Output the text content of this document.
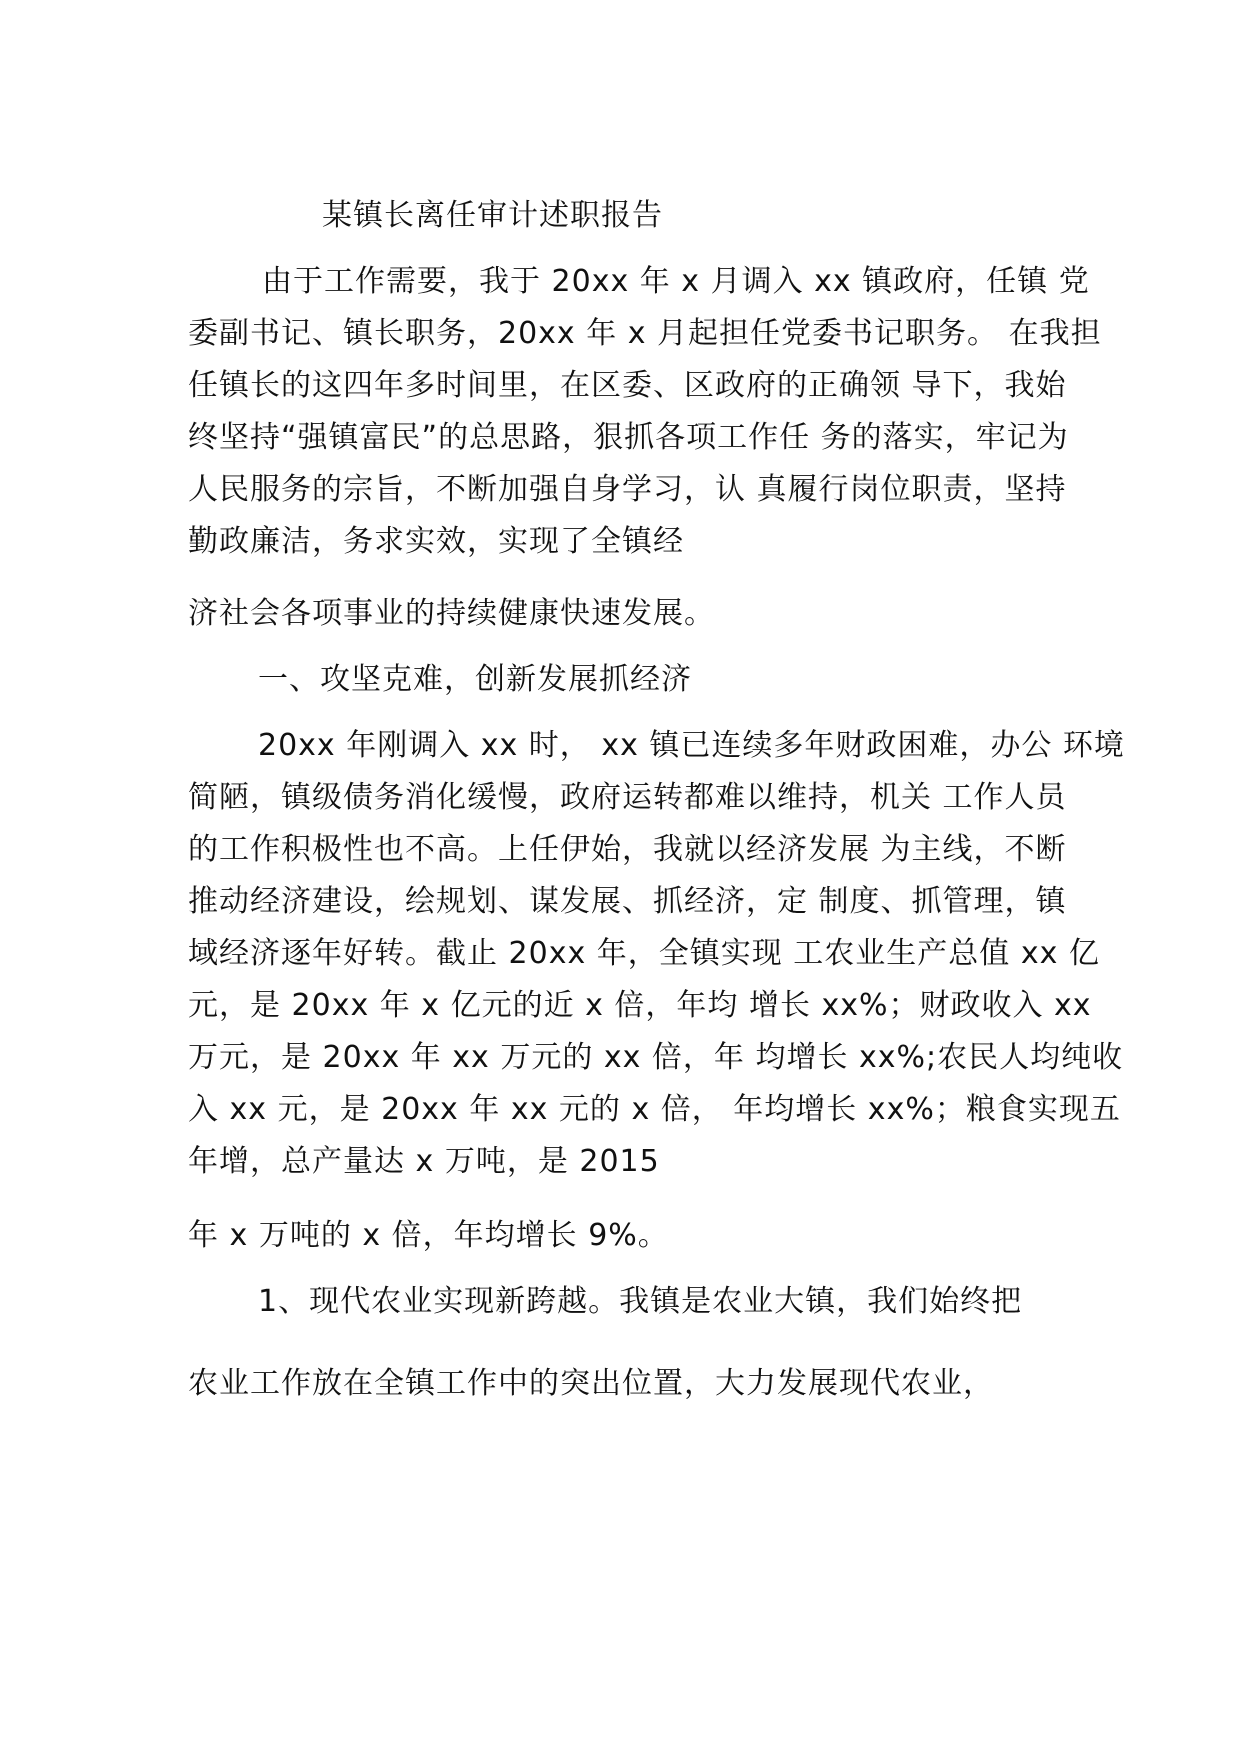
某镇长离任审计述职报告
由于工作需要，我于 20xx 年 x 月调入 xx 镇政府，任镇 党
委副书记、镇长职务，20xx 年 x 月起担任党委书记职务。 在我担
任镇长的这四年多时间里，在区委、区政府的正确领 导下，我始
终坚持“强镇富民”的总思路，狠抓各项工作任 务的落实，牢记为
人民服务的宗旨，不断加强自身学习，认 真履行岗位职责，坚持
勤政廉洁，务求实效，实现了全镇经
济社会各项事业的持续健康快速发展。
一、攻坚克难，创新发展抓经济
20xx 年刚调入 xx 时， xx 镇已连续多年财政困难，办公 环境
简陋，镇级债务消化缓慢，政府运转都难以维持，机关 工作人员
的工作积极性也不高。上任伊始，我就以经济发展 为主线，不断
推动经济建设，绘规划、谋发展、抓经济，定 制度、抓管理，镇
域经济逐年好转。截止 20xx 年，全镇实现 工农业生产总值 xx 亿
元，是 20xx 年 x 亿元的近 x 倍，年均 增长 xx%；财政收入 xx
万元，是 20xx 年 xx 万元的 xx 倍，年 均增长 xx%;农民人均纯收
入 xx 元，是 20xx 年 xx 元的 x 倍， 年均增长 xx%；粮食实现五
年增，总产量达 x 万吨，是 2015
年 x 万吨的 x 倍，年均增长 9%。
1、现代农业实现新跨越。我镇是农业大镇，我们始终把
农业工作放在全镇工作中的突出位置，大力发展现代农业，
